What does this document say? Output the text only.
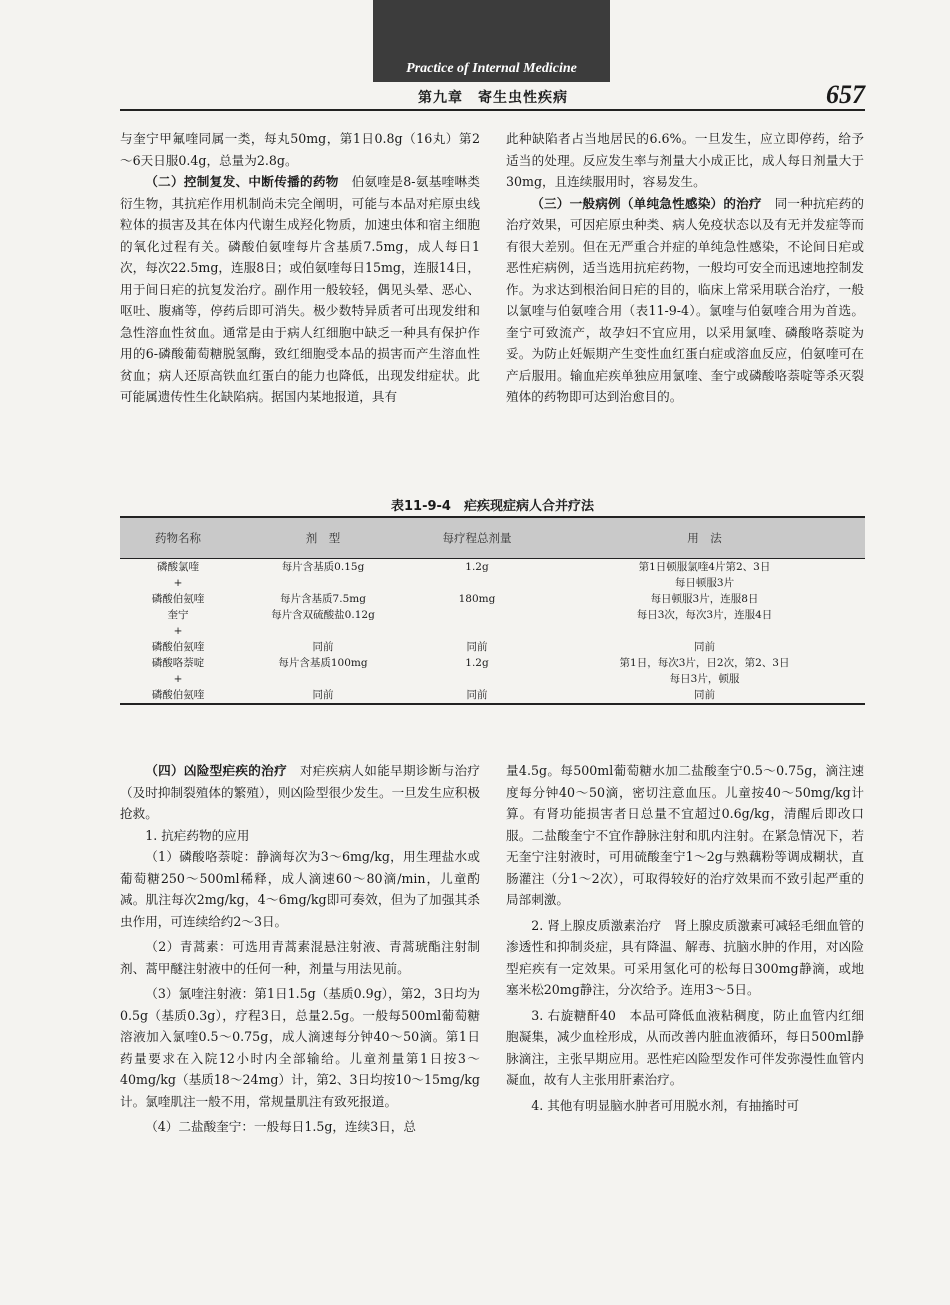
Practice of Internal Medicine
第九章　寄生虫性疾病	657

与奎宁甲氟喹同属一类，每丸50mg，第1日0.8g（16丸）第2～6天日服0.4g，总量为2.8g。

（二）控制复发、中断传播的药物　 伯氨喹是8-氨基喹啉类衍生物，其抗疟作用机制尚未完全阐明，可能与本品对疟原虫线粒体的损害及其在体内代谢生成羟化物质，加速虫体和宿主细胞的氧化过程有关。磷酸伯氨喹每片含基质7.5mg，成人每日1次，每次22.5mg，连服8日；或伯氨喹每日15mg，连服14日，用于间日疟的抗复发治疗。副作用一般较轻，偶见头晕、恶心、呕吐、腹痛等，停药后即可消失。极少数特异质者可出现发绀和急性溶血性贫血。通常是由于病人红细胞中缺乏一种具有保护作用的6-磷酸葡萄糖脱氢酶，致红细胞受本品的损害而产生溶血性贫血；病人还原高铁血红蛋白的能力也降低，出现发绀症状。此可能属遗传性生化缺陷病。据国内某地报道，具有

此种缺陷者占当地居民的6.6%。一旦发生，应立即停药，给予适当的处理。反应发生率与剂量大小成正比，成人每日剂量大于30mg，且连续服用时，容易发生。

（三）一般病例（单纯急性感染）的治疗　 同一种抗疟药的治疗效果，可因疟原虫种类、病人免疫状态以及有无并发症等而有很大差别。但在无严重合并症的单纯急性感染，不论间日疟或恶性疟病例，适当选用抗疟药物，一般均可安全而迅速地控制发作。为求达到根治间日疟的目的，临床上常采用联合治疗，一般以氯喹与伯氨喹合用（表11-9-4）。氯喹与伯氨喹合用为首选。奎宁可致流产，故孕妇不宜应用，以采用氯喹、磷酸咯萘啶为妥。为防止妊娠期产生变性血红蛋白症或溶血反应，伯氨喹可在产后服用。输血疟疾单独应用氯喹、奎宁或磷酸咯萘啶等杀灭裂殖体的药物即可达到治愈目的。

表11-9-4　疟疾现症病人合并疗法
药物名称	剂　型	每疗程总剂量	用　法
磷酸氯喹	每片含基质0.15g	1.2g	第1日顿服氯喹4片第2、3日
+			每日顿服3片
磷酸伯氨喹	每片含基质7.5mg	180mg	每日顿服3片，连服8日
奎宁	每片含双硫酸盐0.12g		每日3次，每次3片，连服4日
+			
磷酸伯氨喹	同前	同前	同前
磷酸咯萘啶	每片含基质100mg	1.2g	第1日，每次3片，日2次，第2、3日
+			每日3片，顿服
磷酸伯氨喹	同前	同前	同前

（四）凶险型疟疾的治疗　 对疟疾病人如能早期诊断与治疗（及时抑制裂殖体的繁殖），则凶险型很少发生。一旦发生应积极抢救。

1. 抗疟药物的应用

（1）磷酸咯萘啶：静滴每次为3～6mg/kg，用生理盐水或葡萄糖250～500ml稀释，成人滴速60～80滴/min，儿童酌减。肌注每次2mg/kg，4～6mg/kg即可奏效，但为了加强其杀虫作用，可连续给约2～3日。

（2）青蒿素：可选用青蒿素混悬注射液、青蒿琥酯注射制剂、蒿甲醚注射液中的任何一种，剂量与用法见前。

（3）氯喹注射液：第1日1.5g（基质0.9g），第2，3日均为0.5g（基质0.3g），疗程3日，总量2.5g。一般每500ml葡萄糖溶液加入氯喹0.5～0.75g，成人滴速每分钟40～50滴。第1日药量要求在入院12小时内全部输给。儿童剂量第1日按3～40mg/kg（基质18～24mg）计，第2、3日均按10～15mg/kg计。氯喹肌注一般不用，常规量肌注有致死报道。

（4）二盐酸奎宁：一般每日1.5g，连续3日，总

量4.5g。每500ml葡萄糖水加二盐酸奎宁0.5～0.75g，滴注速度每分钟40～50滴，密切注意血压。儿童按40～50mg/kg计算。有肾功能损害者日总量不宜超过0.6g/kg，清醒后即改口服。二盐酸奎宁不宜作静脉注射和肌内注射。在紧急情况下，若无奎宁注射液时，可用硫酸奎宁1～2g与熟藕粉等调成糊状，直肠灌注（分1～2次），可取得较好的治疗效果而不致引起严重的局部刺激。

2. 肾上腺皮质激素治疗　肾上腺皮质激素可减轻毛细血管的渗透性和抑制炎症，具有降温、解毒、抗脑水肿的作用，对凶险型疟疾有一定效果。可采用氢化可的松每日300mg静滴，或地塞米松20mg静注，分次给予。连用3～5日。

3. 右旋糖酐40　本品可降低血液粘稠度，防止血管内红细胞凝集，减少血栓形成，从而改善内脏血液循环，每日500ml静脉滴注，主张早期应用。恶性疟凶险型发作可伴发弥漫性血管内凝血，故有人主张用肝素治疗。

4. 其他有明显脑水肿者可用脱水剂，有抽搐时可
